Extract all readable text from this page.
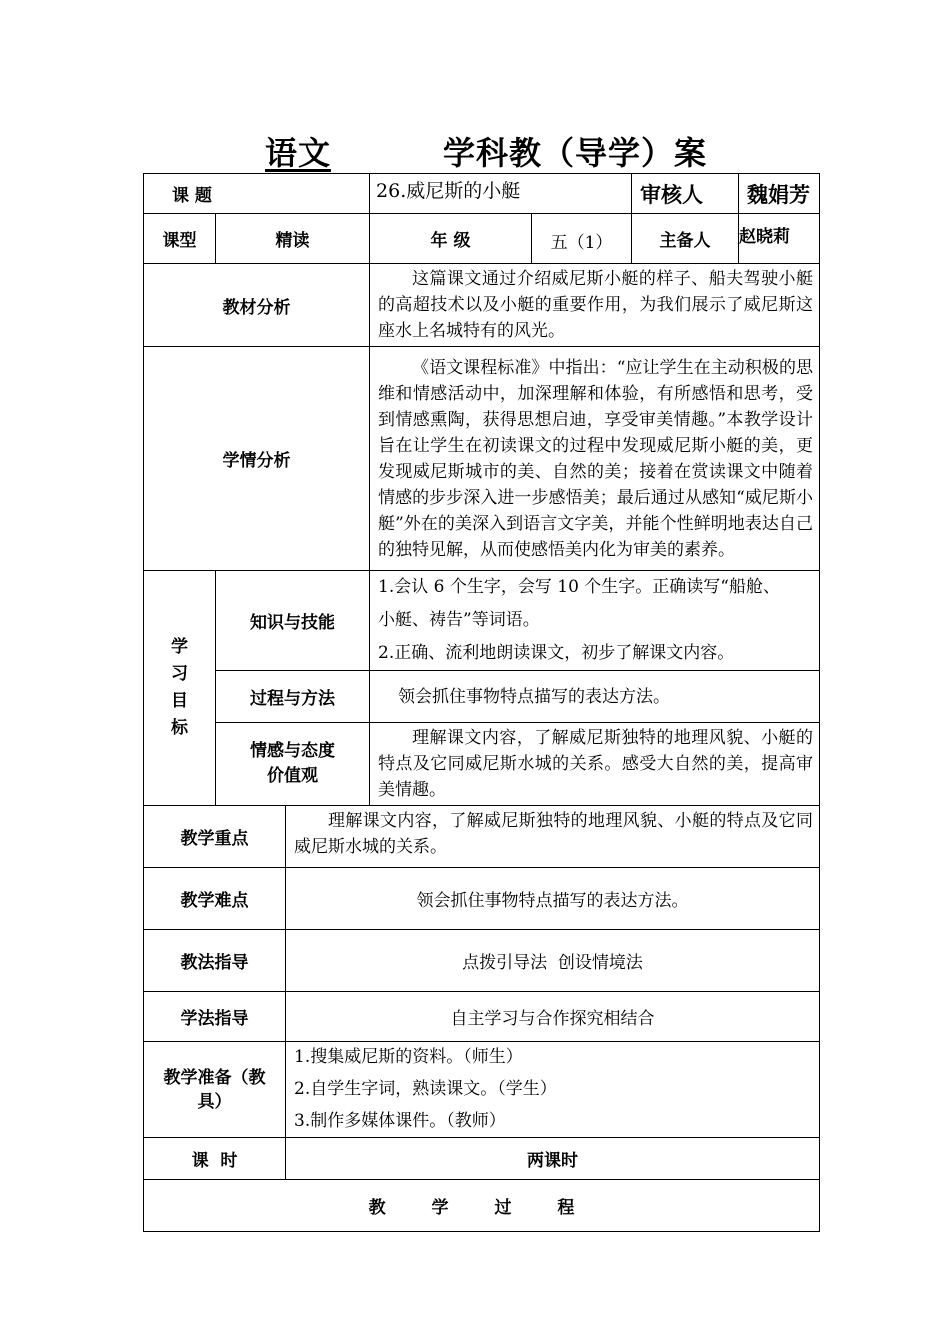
语文	学科教（导学）案
课 题			26.威尼斯的小艇		审核人	魏娟芳
课型	精读		年 级	五（1）	主备人	赵晓莉
教材分析			这篇课文通过介绍威尼斯小艇的样子、船夫驾驶小艇的高超技术以及小艇的重要作用，为我们展示了威尼斯这座水上名城特有的风光。			
学情分析			《语文课程标准》中指出：“应让学生在主动积极的思维和情感活动中，加深理解和体验，有所感悟和思考，受到情感熏陶，获得思想启迪，享受审美情趣。”本教学设计旨在让学生在初读课文的过程中发现威尼斯小艇的美，更发现威尼斯城市的美、自然的美；接着在赏读课文中随着情感的步步深入进一步感悟美；最后通过从感知“威尼斯小艇”外在的美深入到语言文字美，并能个性鲜明地表达自己的独特见解，从而使感悟美内化为审美的素养。			
学习目标	知识与技能		1.会认 6 个生字，会写 10 个生字。正确读写“船舱、
小艇、祷告”等词语。
2.正确、流利地朗读课文，初步了解课文内容。			

	过程与方法		领会抓住事物特点描写的表达方法。			

	情感与态度
价值观		理解课文内容，了解威尼斯独特的地理风貌、小艇的特点及它同威尼斯水城的关系。感受大自然的美，提高审美情趣。			
教学重点		理解课文内容，了解威尼斯独特的地理风貌、小艇的特点及它同威尼斯水城的关系。				
教学难点		领会抓住事物特点描写的表达方法。				
教法指导		点拨引导法  创设情境法				
学法指导		自主学习与合作探究相结合				
教学准备（教具）		1.搜集威尼斯的资料。（师生）
2.自学生字词，熟读课文。（学生）
3.制作多媒体课件。（教师）				

课  时		两课时				
教 学 过 程						
